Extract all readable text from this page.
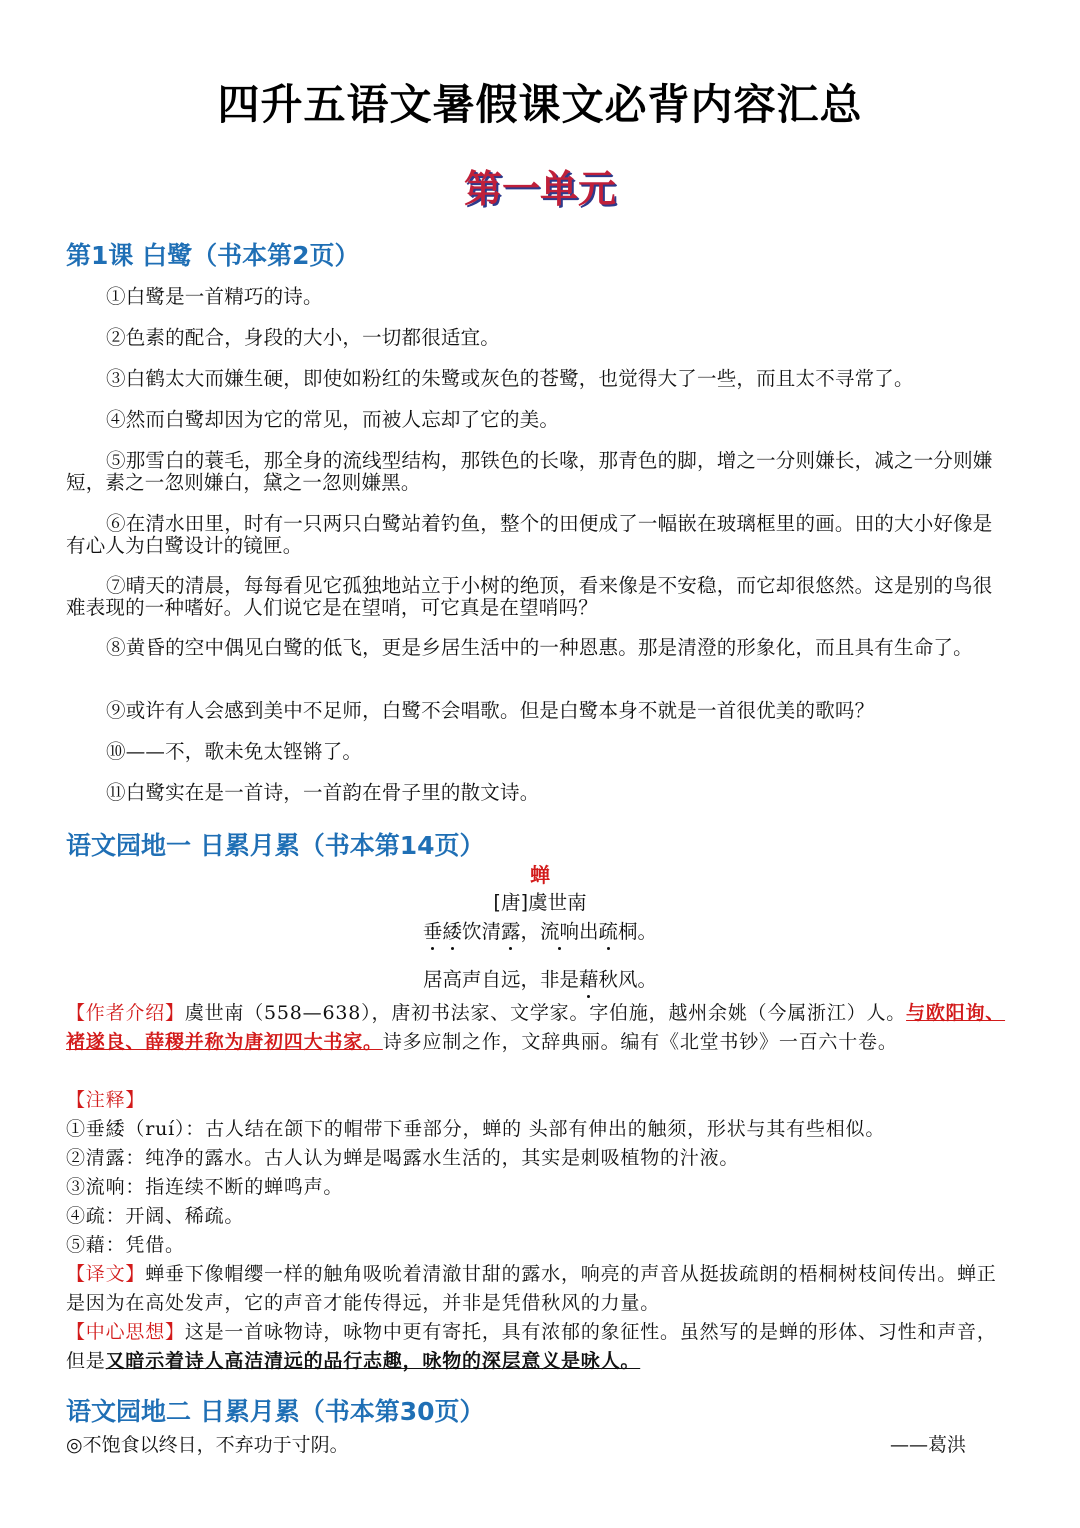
四升五语文暑假课文必背内容汇总
第一单元
第1课 白鹭（书本第2页）
①白鹭是一首精巧的诗。
②色素的配合，身段的大小，一切都很适宜。
③白鹤太大而嫌生硬，即使如粉红的朱鹭或灰色的苍鹭，也觉得大了一些，而且太不寻常了。
④然而白鹭却因为它的常见，而被人忘却了它的美。
⑤那雪白的蓑毛，那全身的流线型结构，那铁色的长喙，那青色的脚，增之一分则嫌长，减之一分则嫌短，素之一忽则嫌白，黛之一忽则嫌黑。
⑥在清水田里，时有一只两只白鹭站着钓鱼，整个的田便成了一幅嵌在玻璃框里的画。田的大小好像是有心人为白鹭设计的镜匣。
⑦晴天的清晨，每每看见它孤独地站立于小树的绝顶，看来像是不安稳，而它却很悠然。这是别的鸟很难表现的一种嗜好。人们说它是在望哨，可它真是在望哨吗？
⑧黄昏的空中偶见白鹭的低飞，更是乡居生活中的一种恩惠。那是清澄的形象化，而且具有生命了。
⑨或许有人会感到美中不足师，白鹭不会唱歌。但是白鹭本身不就是一首很优美的歌吗？
⑩——不，歌未免太铿锵了。
⑪白鹭实在是一首诗，一首韵在骨子里的散文诗。
语文园地一 日累月累（书本第14页）
蝉
[唐]虞世南
垂緌饮清露，流响出疏桐。
居高声自远，非是藉秋风。
【作者介绍】虞世南（558—638），唐初书法家、文学家。字伯施，越州余姚（今属浙江）人。与欧阳询、褚遂良、薛稷并称为唐初四大书家。诗多应制之作，文辞典丽。编有《北堂书钞》一百六十卷。
【注释】
①垂緌（ruí）：古人结在颌下的帽带下垂部分，蝉的 头部有伸出的触须，形状与其有些相似。
②清露：纯净的露水。古人认为蝉是喝露水生活的，其实是刺吸植物的汁液。
③流响：指连续不断的蝉鸣声。
④疏：开阔、稀疏。
⑤藉：凭借。
【译文】蝉垂下像帽缨一样的触角吸吮着清澈甘甜的露水，响亮的声音从挺拔疏朗的梧桐树枝间传出。蝉正是因为在高处发声，它的声音才能传得远，并非是凭借秋风的力量。
【中心思想】这是一首咏物诗，咏物中更有寄托，具有浓郁的象征性。虽然写的是蝉的形体、习性和声音，但是又暗示着诗人高洁清远的品行志趣，咏物的深层意义是咏人。
语文园地二 日累月累（书本第30页）
◎不饱食以终日，不弃功于寸阴。	——葛洪
